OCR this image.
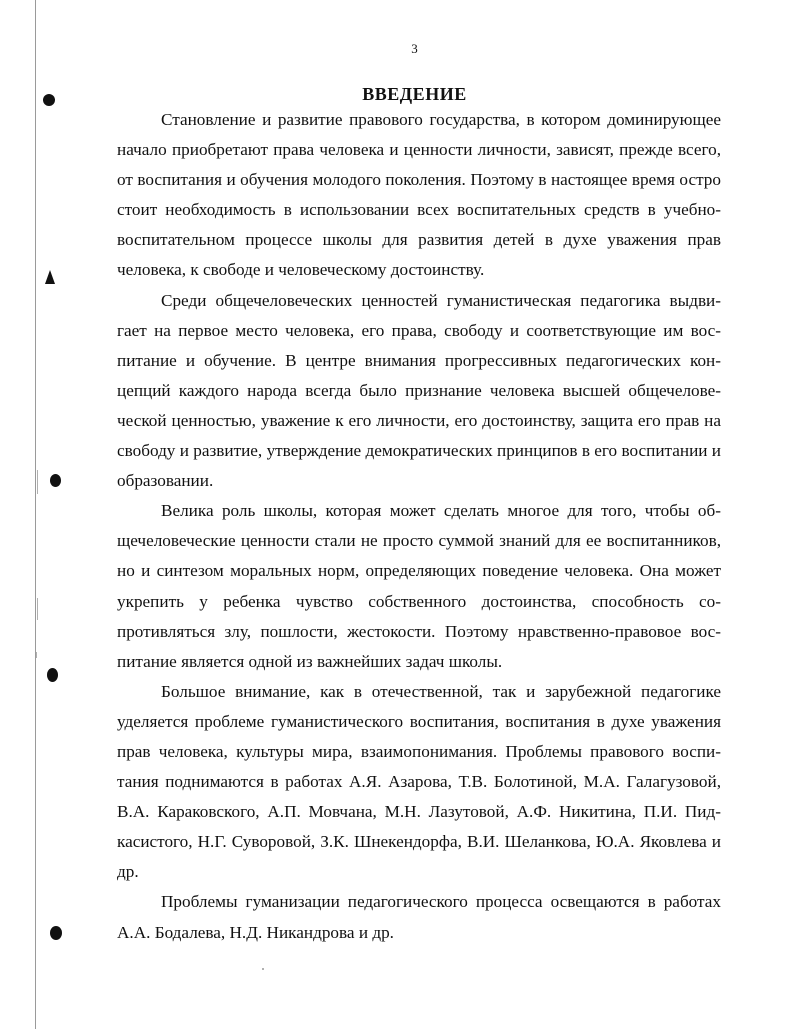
3
ВВЕДЕНИЕ

Становление и развитие правового государства, в котором доминирующее начало приобретают права человека и ценности личности, зависят, прежде всего, от воспитания и обучения молодого поколения. Поэтому в настоящее время остро стоит необходимость в использовании всех воспитательных средств в учебно-воспитательном процессе школы для развития детей в духе уважения прав человека, к свободе и человеческому достоинству.

Среди общечеловеческих ценностей гуманистическая педагогика выдвигает на первое место человека, его права, свободу и соответствующие им воспитание и обучение. В центре внимания прогрессивных педагогических концепций каждого народа всегда было признание человека высшей общечеловеческой ценностью, уважение к его личности, его достоинству, защита его прав на свободу и развитие, утверждение демократических принципов в его воспитании и образовании.

Велика роль школы, которая может сделать многое для того, чтобы общечеловеческие ценности стали не просто суммой знаний для ее воспитанников, но и синтезом моральных норм, определяющих поведение человека. Она может укрепить у ребенка чувство собственного достоинства, способность сопротивляться злу, пошлости, жестокости. Поэтому нравственно-правовое воспитание является одной из важнейших задач школы.

Большое внимание, как в отечественной, так и зарубежной педагогике уделяется проблеме гуманистического воспитания, воспитания в духе уважения прав человека, культуры мира, взаимопонимания. Проблемы правового воспитания поднимаются в работах А.Я. Азарова, Т.В. Болотиной, М.А. Галагузовой, В.А. Караковского, А.П. Мовчана, М.Н. Лазутовой, А.Ф. Никитина, П.И. Пидкасистого, Н.Г. Суворовой, З.К. Шнекендорфа, В.И. Шеланкова, Ю.А. Яковлева и др.

Проблемы гуманизации педагогического процесса освещаются в работах А.А. Бодалева, Н.Д. Никандрова и др.
